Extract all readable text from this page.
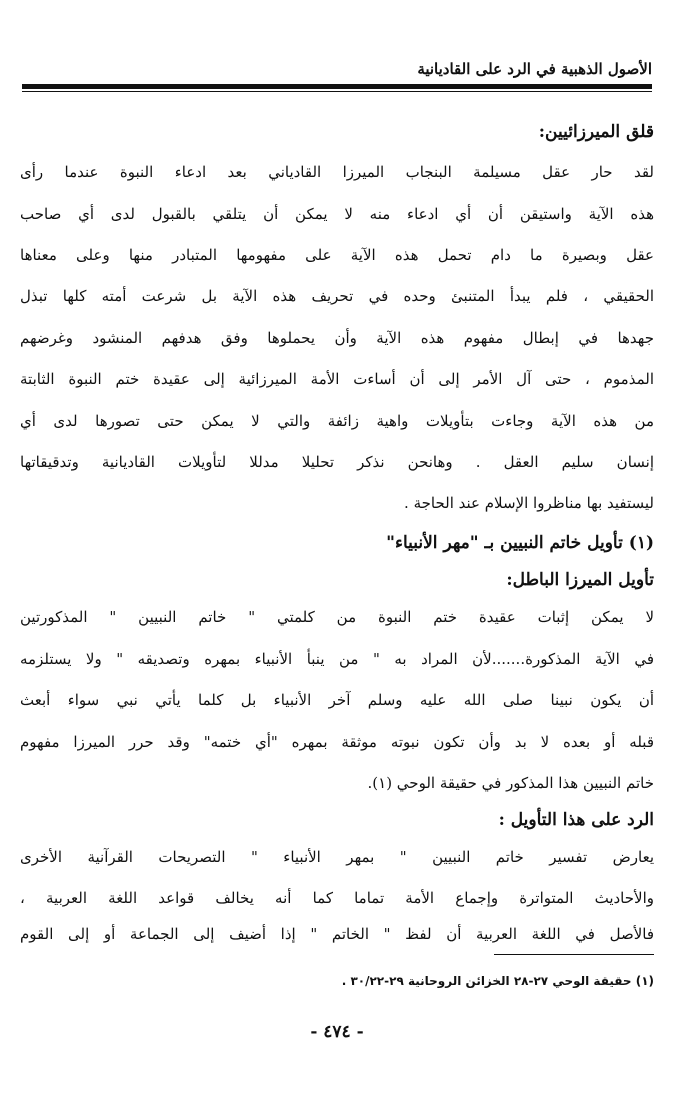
الأصول الذهبية في الرد على القاديانية
قلق الميرزائيين:
لقد حار عقل مسيلمة البنجاب الميرزا القادياني بعد ادعاء النبوة عندما رأى
هذه الآية واستيقن أن أي ادعاء منه لا يمكن أن يتلقي بالقبول لدى أي صاحب
عقل وبصيرة ما دام تحمل هذه الآية على مفهومها المتبادر منها وعلى معناها
الحقيقي ، فلم يبدأ المتنبئ وحده في تحريف هذه الآية بل شرعت أمته كلها تبذل
جهدها في إبطال مفهوم هذه الآية وأن يحملوها وفق هدفهم المنشود وغرضهم
المذموم ، حتى آل الأمر إلى أن أساءت الأمة الميرزائية إلى عقيدة ختم النبوة الثابتة
من هذه الآية وجاءت بتأويلات واهية زائفة والتي لا يمكن حتى تصورها لدى أي
إنسان سليم العقل . وهانحن نذكر تحليلا مدللا لتأويلات القاديانية وتدقيقاتها
ليستفيد بها مناظروا الإسلام عند الحاجة .
(١) تأويل خاتم النبيين بـ "مهر الأنبياء"
تأويل الميرزا الباطل:
لا يمكن إثبات عقيدة ختم النبوة من كلمتي " خاتم النبيين " المذكورتين
في الآية المذكورة.......لأن المراد به " من ينبأ الأنبياء بمهره وتصديقه " ولا يستلزمه
أن يكون نبينا صلى الله عليه وسلم آخر الأنبياء بل كلما يأتي نبي سواء أبعث
قبله أو بعده لا بد وأن تكون نبوته موثقة بمهره "أي ختمه" وقد حرر الميرزا مفهوم
خاتم النبيين هذا المذكور في حقيقة الوحي (١).
الرد على هذا التأويل :
يعارض تفسير خاتم النبيين " بمهر الأنبياء " التصريحات القرآنية الأخرى
والأحاديث المتواترة وإجماع الأمة تماما كما أنه يخالف قواعد اللغة العربية ،
فالأصل في اللغة العربية أن لفظ " الخاتم " إذا أضيف إلى الجماعة أو إلى القوم
(١) حقيقة الوحي ٢٧-٢٨ الخزائن الروحانية ٢٩-٣٠/٢٢ .
- ٤٧٤ -
